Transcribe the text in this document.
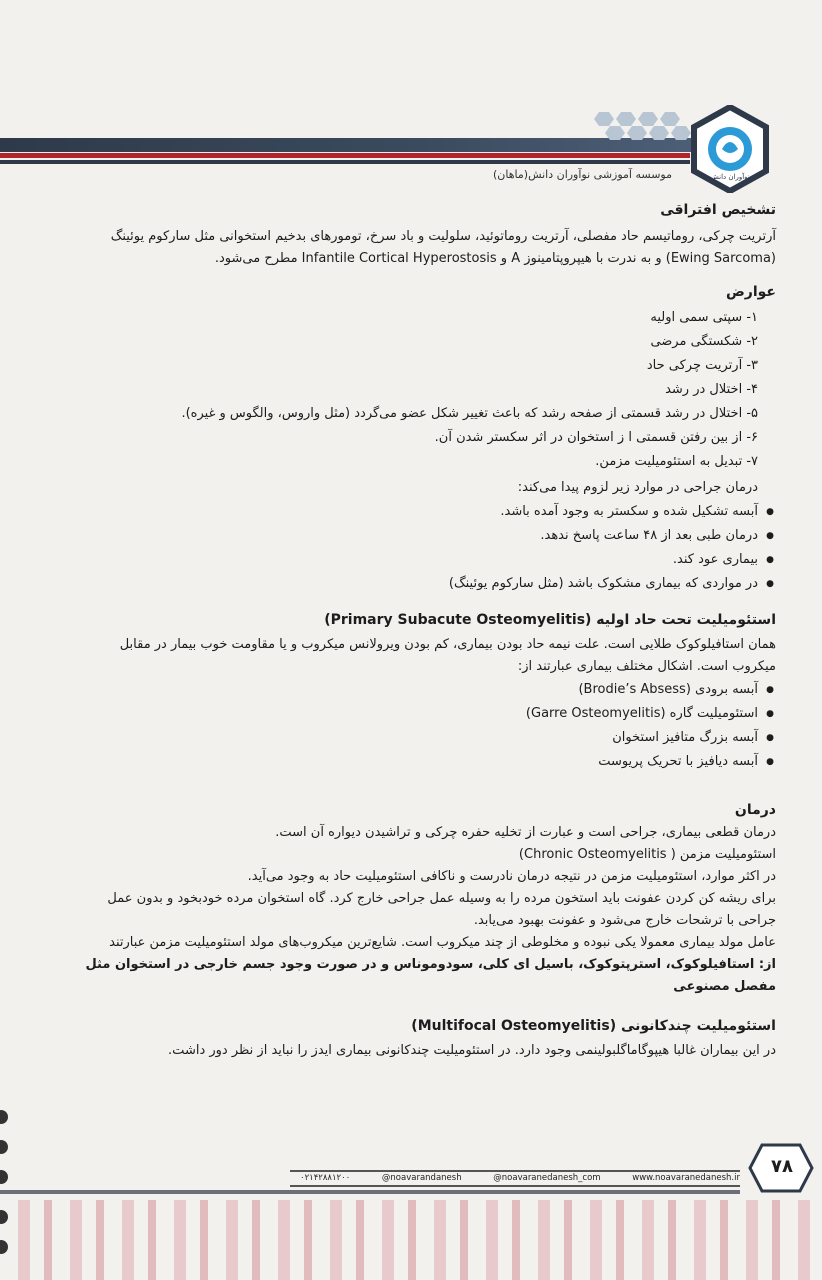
نوآوران دانش
موسسه آموزشی نوآوران دانش(ماهان)

تشخیص افتراقی

آرتریت چرکی، روماتیسم حاد مفصلی، آرتریت روماتوئید، سلولیت و باد سرخ، تومورهای بدخیم استخوانی مثل سارکوم یوئینگ

(Ewing Sarcoma) و به ندرت با هیپروپتامینوز A و Infantile Cortical Hyperostosis مطرح می‌شود.

عوارض

۱- سپتی سمی اولیه
۲- شکستگی مرضی
۳- آرتریت چرکی حاد
۴- اختلال در رشد
۵- اختلال در رشد قسمتی از صفحه رشد که باعث تغییر شکل عضو می‌گردد (مثل واروس، والگوس و غیره).
۶- از بین رفتن قسمتی ا ز استخوان در اثر سکستر شدن آن.
۷- تبدیل به استئومیلیت مزمن.
درمان جراحی در موارد زیر لزوم پیدا می‌کند:
● آبسه تشکیل شده و سکستر به وجود آمده باشد.
● درمان طبی بعد از ۴۸ ساعت پاسخ ندهد.
● بیماری عود کند.
● در مواردی که بیماری مشکوک باشد (مثل سارکوم یوئینگ)

استئومیلیت تحت حاد اولیه (Primary Subacute Osteomyelitis)

همان استافیلوکوک طلایی است. علت نیمه حاد بودن بیماری، کم بودن ویرولانس میکروب و یا مقاومت خوب بیمار در مقابل

میکروب است. اشکال مختلف بیماری عبارتند از:

● آبسه برودی (Brodie’s Absess)
● استئومیلیت گاره (Garre Osteomyelitis)
● آبسه بزرگ متافیز استخوان
● آبسه دیافیز با تحریک پریوست

درمان

درمان قطعی بیماری، جراحی است و عبارت از تخلیه حفره چرکی و تراشیدن دیواره آن است.

استئومیلیت مزمن ( Chronic Osteomyelitis)

در اکثر موارد، استئومیلیت مزمن در نتیجه درمان نادرست و ناکافی استئومیلیت حاد به وجود می‌آید.

برای ریشه کن کردن عفونت باید استخون مرده را به وسیله عمل جراحی خارج کرد. گاه استخوان مرده خودبخود و بدون عمل

جراحی با ترشحات خارج می‌شود و عفونت بهبود می‌یابد.

عامل مولد بیماری معمولا یکی نبوده و مخلوطی از چند میکروب است. شایع‌ترین میکروب‌های مولد استئومیلیت مزمن عبارتند

از: استافیلوکوک، استرپتوکوک، باسیل ای کلی، سودوموناس و در صورت وجود جسم خارجی در استخوان مثل مفصل مصنوعی

استئومیلیت چندکانونی (Multifocal Osteomyelitis)

در این بیماران غالبا هیپوگاماگلبولینمی وجود دارد. در استئومیلیت چندکانونی بیماری ایدز را نباید از نظر دور داشت.

۰۲۱۴۲۸۸۱۲۰۰	@noavarandanesh	@noavaranedanesh_com	www.noavaranedanesh.ir
۷۸
